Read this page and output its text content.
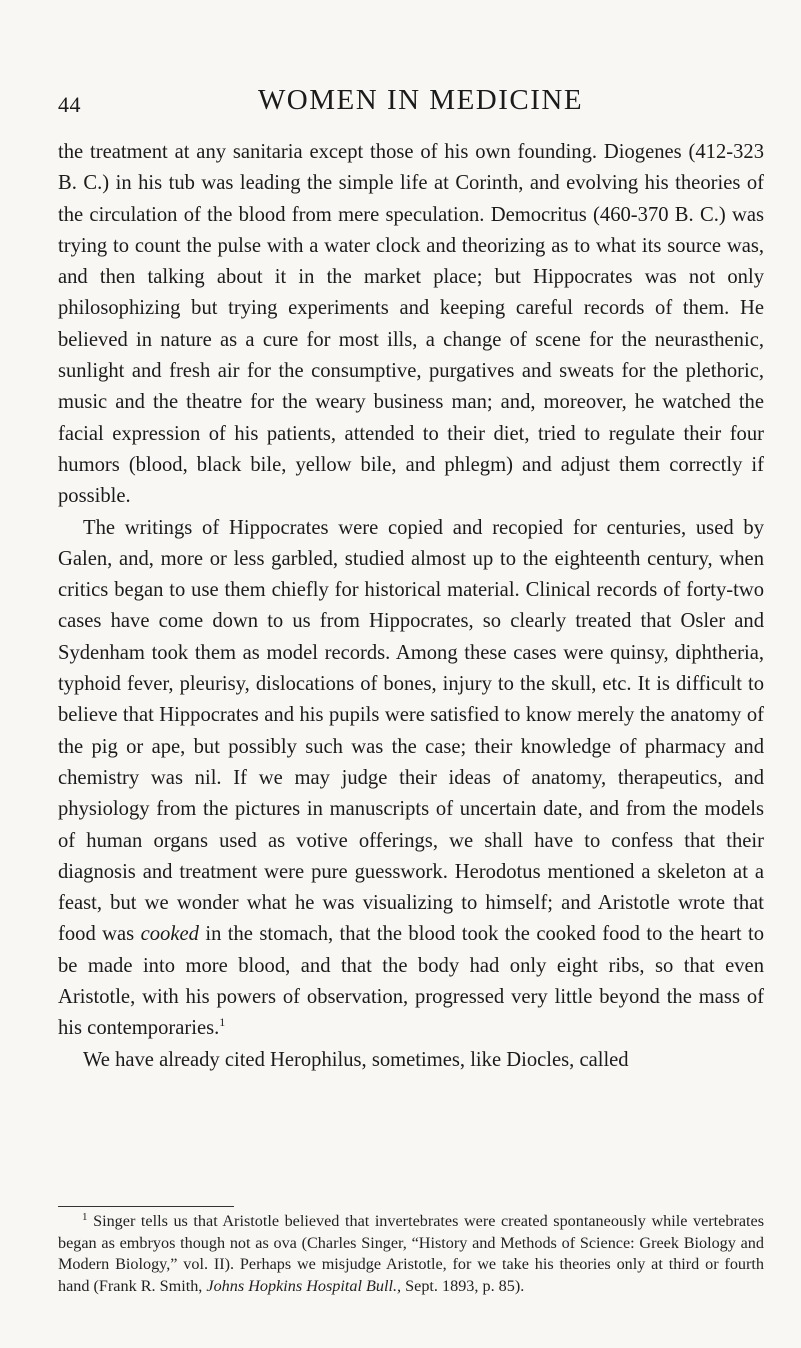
44	WOMEN IN MEDICINE

the treatment at any sanitaria except those of his own founding. Diogenes (412-323 B. C.) in his tub was leading the simple life at Corinth, and evolving his theories of the circulation of the blood from mere speculation. Democritus (460-370 B. C.) was trying to count the pulse with a water clock and theorizing as to what its source was, and then talking about it in the market place; but Hippocrates was not only philosophizing but trying experiments and keeping careful records of them. He believed in nature as a cure for most ills, a change of scene for the neurasthenic, sunlight and fresh air for the consumptive, purgatives and sweats for the plethoric, music and the theatre for the weary business man; and, moreover, he watched the facial expression of his patients, attended to their diet, tried to regulate their four humors (blood, black bile, yellow bile, and phlegm) and adjust them correctly if possible.

The writings of Hippocrates were copied and recopied for centuries, used by Galen, and, more or less garbled, studied almost up to the eighteenth century, when critics began to use them chiefly for historical material. Clinical records of forty-two cases have come down to us from Hippocrates, so clearly treated that Osler and Sydenham took them as model records. Among these cases were quinsy, diphtheria, typhoid fever, pleurisy, dislocations of bones, injury to the skull, etc. It is difficult to believe that Hippocrates and his pupils were satisfied to know merely the anatomy of the pig or ape, but possibly such was the case; their knowledge of pharmacy and chemistry was nil. If we may judge their ideas of anatomy, therapeutics, and physiology from the pictures in manuscripts of uncertain date, and from the models of human organs used as votive offerings, we shall have to confess that their diagnosis and treatment were pure guesswork. Herodotus mentioned a skeleton at a feast, but we wonder what he was visualizing to himself; and Aristotle wrote that food was cooked in the stomach, that the blood took the cooked food to the heart to be made into more blood, and that the body had only eight ribs, so that even Aristotle, with his powers of observation, progressed very little beyond the mass of his contemporaries.$^1$

We have already cited Herophilus, sometimes, like Diocles, called

$^1$ Singer tells us that Aristotle believed that invertebrates were created spontaneously while vertebrates began as embryos though not as ova (Charles Singer, “History and Methods of Science: Greek Biology and Modern Biology,” vol. II). Perhaps we misjudge Aristotle, for we take his theories only at third or fourth hand (Frank R. Smith, Johns Hopkins Hospital Bull., Sept. 1893, p. 85).
